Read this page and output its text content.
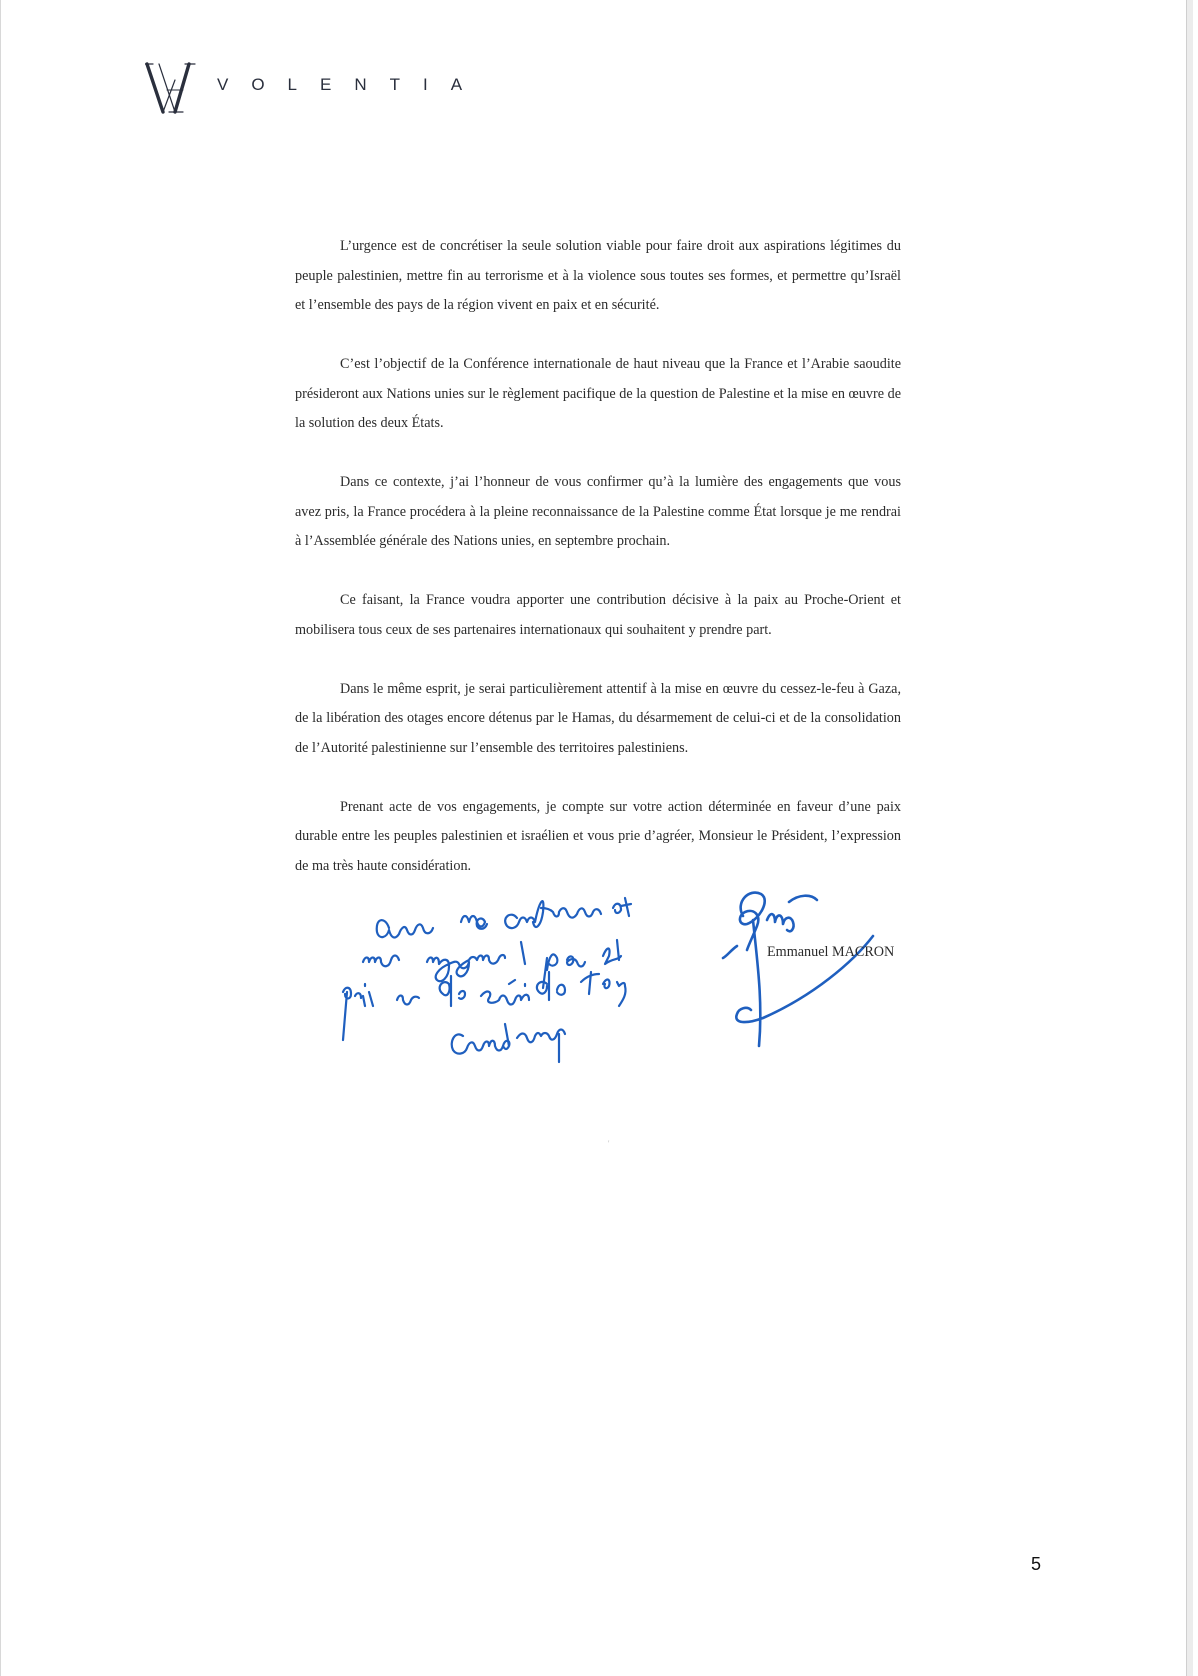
VOLENTIA

L’urgence est de concrétiser la seule solution viable pour faire droit aux aspirations légitimes du peuple palestinien, mettre fin au terrorisme et à la violence sous toutes ses formes, et permettre qu’Israël et l’ensemble des pays de la région vivent en paix et en sécurité.

C’est l’objectif de la Conférence internationale de haut niveau que la France et l’Arabie saoudite présideront aux Nations unies sur le règlement pacifique de la question de Palestine et la mise en œuvre de la solution des deux États.

Dans ce contexte, j’ai l’honneur de vous confirmer qu’à la lumière des engagements que vous avez pris, la France procédera à la pleine reconnaissance de la Palestine comme État lorsque je me rendrai à l’Assemblée générale des Nations unies, en septembre prochain.

Ce faisant, la France voudra apporter une contribution décisive à la paix au Proche-Orient et mobilisera tous ceux de ses partenaires internationaux qui souhaitent y prendre part.

Dans le même esprit, je serai particulièrement attentif à la mise en œuvre du cessez-le-feu à Gaza, de la libération des otages encore détenus par le Hamas, du désarmement de celui-ci et de la consolidation de l’Autorité palestinienne sur l’ensemble des territoires palestiniens.

Prenant acte de vos engagements, je compte sur votre action déterminée en faveur d’une paix durable entre les peuples palestinien et israélien et vous prie d’agréer, Monsieur le Président, l’expression de ma très haute considération.

Emmanuel MACRON
'
5
